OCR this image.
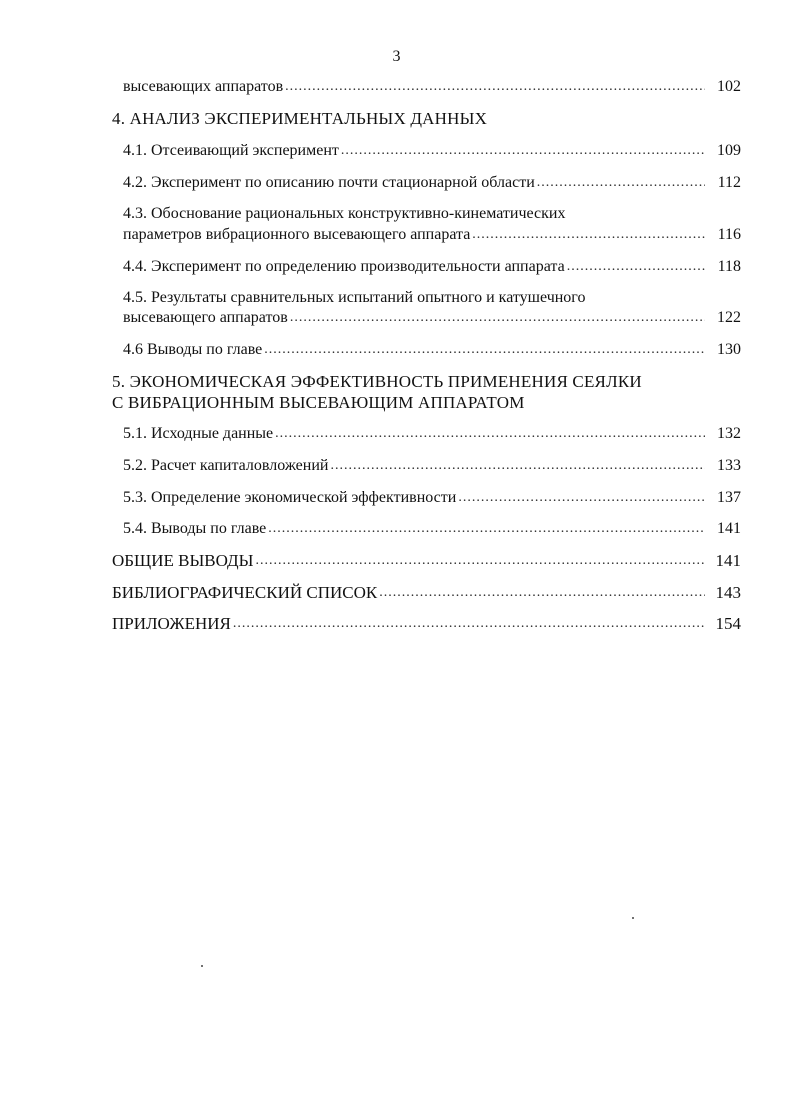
3
высевающих аппаратов .....	102
4. АНАЛИЗ ЭКСПЕРИМЕНТАЛЬНЫХ ДАННЫХ
4.1. Отсеивающий эксперимент .....	109
4.2. Эксперимент по описанию почти стационарной области .....	112
4.3. Обоснование рациональных конструктивно-кинематических
параметров вибрационного высевающего аппарата .....	116
4.4. Эксперимент по определению производительности аппарата .....	118
4.5. Результаты сравнительных испытаний опытного и катушечного
высевающего аппаратов .....	122
4.6 Выводы по главе .....	130
5. ЭКОНОМИЧЕСКАЯ ЭФФЕКТИВНОСТЬ ПРИМЕНЕНИЯ СЕЯЛКИ
С ВИБРАЦИОННЫМ ВЫСЕВАЮЩИМ АППАРАТОМ
5.1. Исходные данные .....	132
5.2. Расчет капиталовложений .....	133
5.3. Определение экономической эффективности .....	137
5.4. Выводы по главе .....	141
ОБЩИЕ ВЫВОДЫ .....	141
БИБЛИОГРАФИЧЕСКИЙ СПИСОК .....	143
ПРИЛОЖЕНИЯ .....	154
